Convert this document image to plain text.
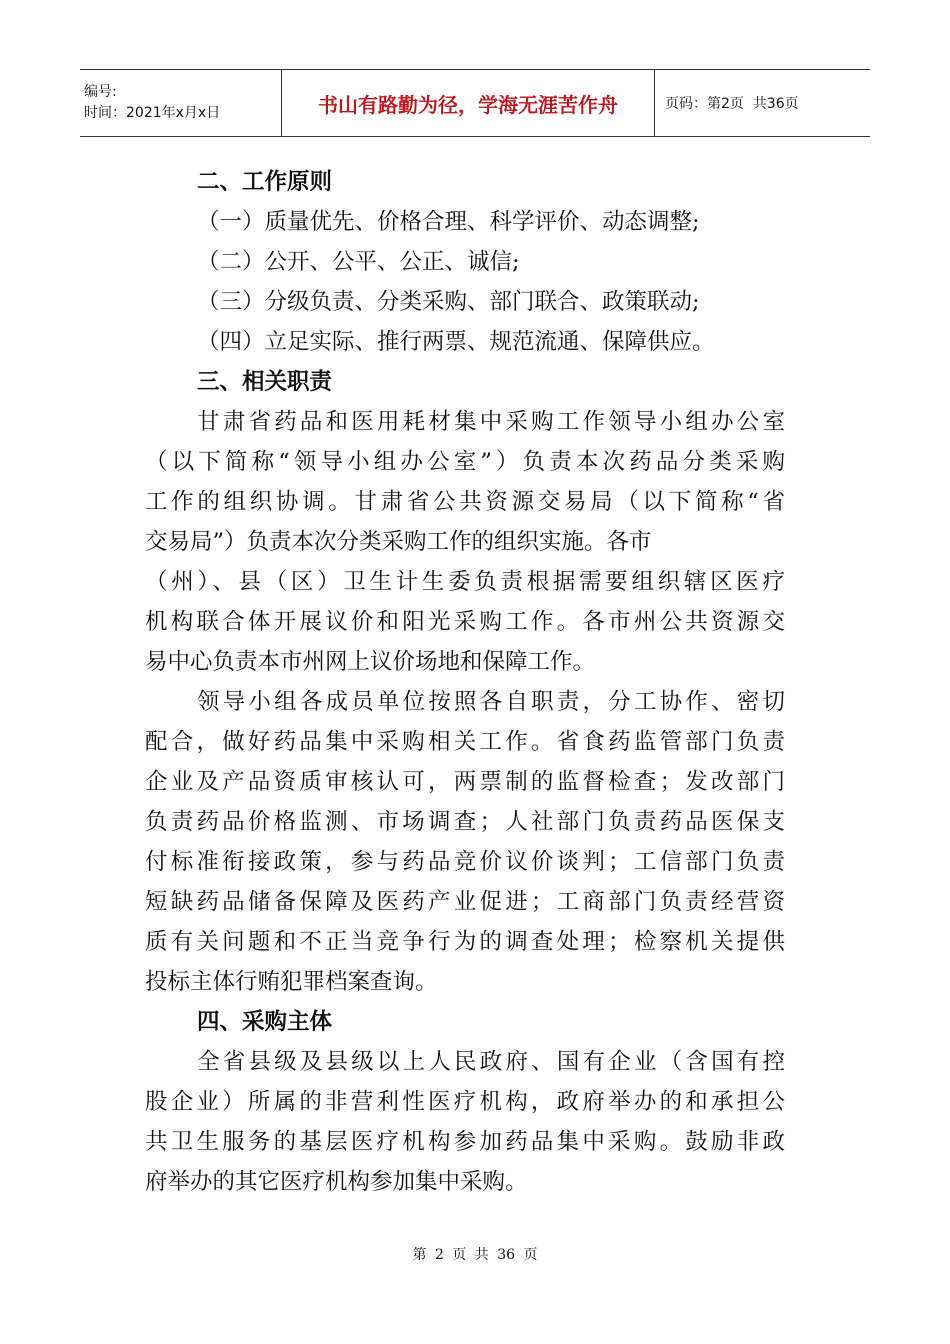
编号:
时间：2021年x月x日	书山有路勤为径，学海无涯苦作舟	页码：第2页  共36页
二、工作原则
（一）质量优先、价格合理、科学评价、动态调整;
（二）公开、公平、公正、诚信;
（三）分级负责、分类采购、部门联合、政策联动;
（四）立足实际、推行两票、规范流通、保障供应。
三、相关职责
甘肃省药品和医用耗材集中采购工作领导小组办公室
（以下简称“领导小组办公室”）负责本次药品分类采购
工作的组织协调。甘肃省公共资源交易局（以下简称“省
交易局”）负责本次分类采购工作的组织实施。各市
（州）、县（区）卫生计生委负责根据需要组织辖区医疗
机构联合体开展议价和阳光采购工作。各市州公共资源交
易中心负责本市州网上议价场地和保障工作。
领导小组各成员单位按照各自职责，分工协作、密切
配合，做好药品集中采购相关工作。省食药监管部门负责
企业及产品资质审核认可，两票制的监督检查；发改部门
负责药品价格监测、市场调查；人社部门负责药品医保支
付标准衔接政策，参与药品竞价议价谈判；工信部门负责
短缺药品储备保障及医药产业促进；工商部门负责经营资
质有关问题和不正当竞争行为的调查处理；检察机关提供
投标主体行贿犯罪档案查询。
四、采购主体
全省县级及县级以上人民政府、国有企业（含国有控
股企业）所属的非营利性医疗机构，政府举办的和承担公
共卫生服务的基层医疗机构参加药品集中采购。鼓励非政
府举办的其它医疗机构参加集中采购。
第 2 页 共 36 页
